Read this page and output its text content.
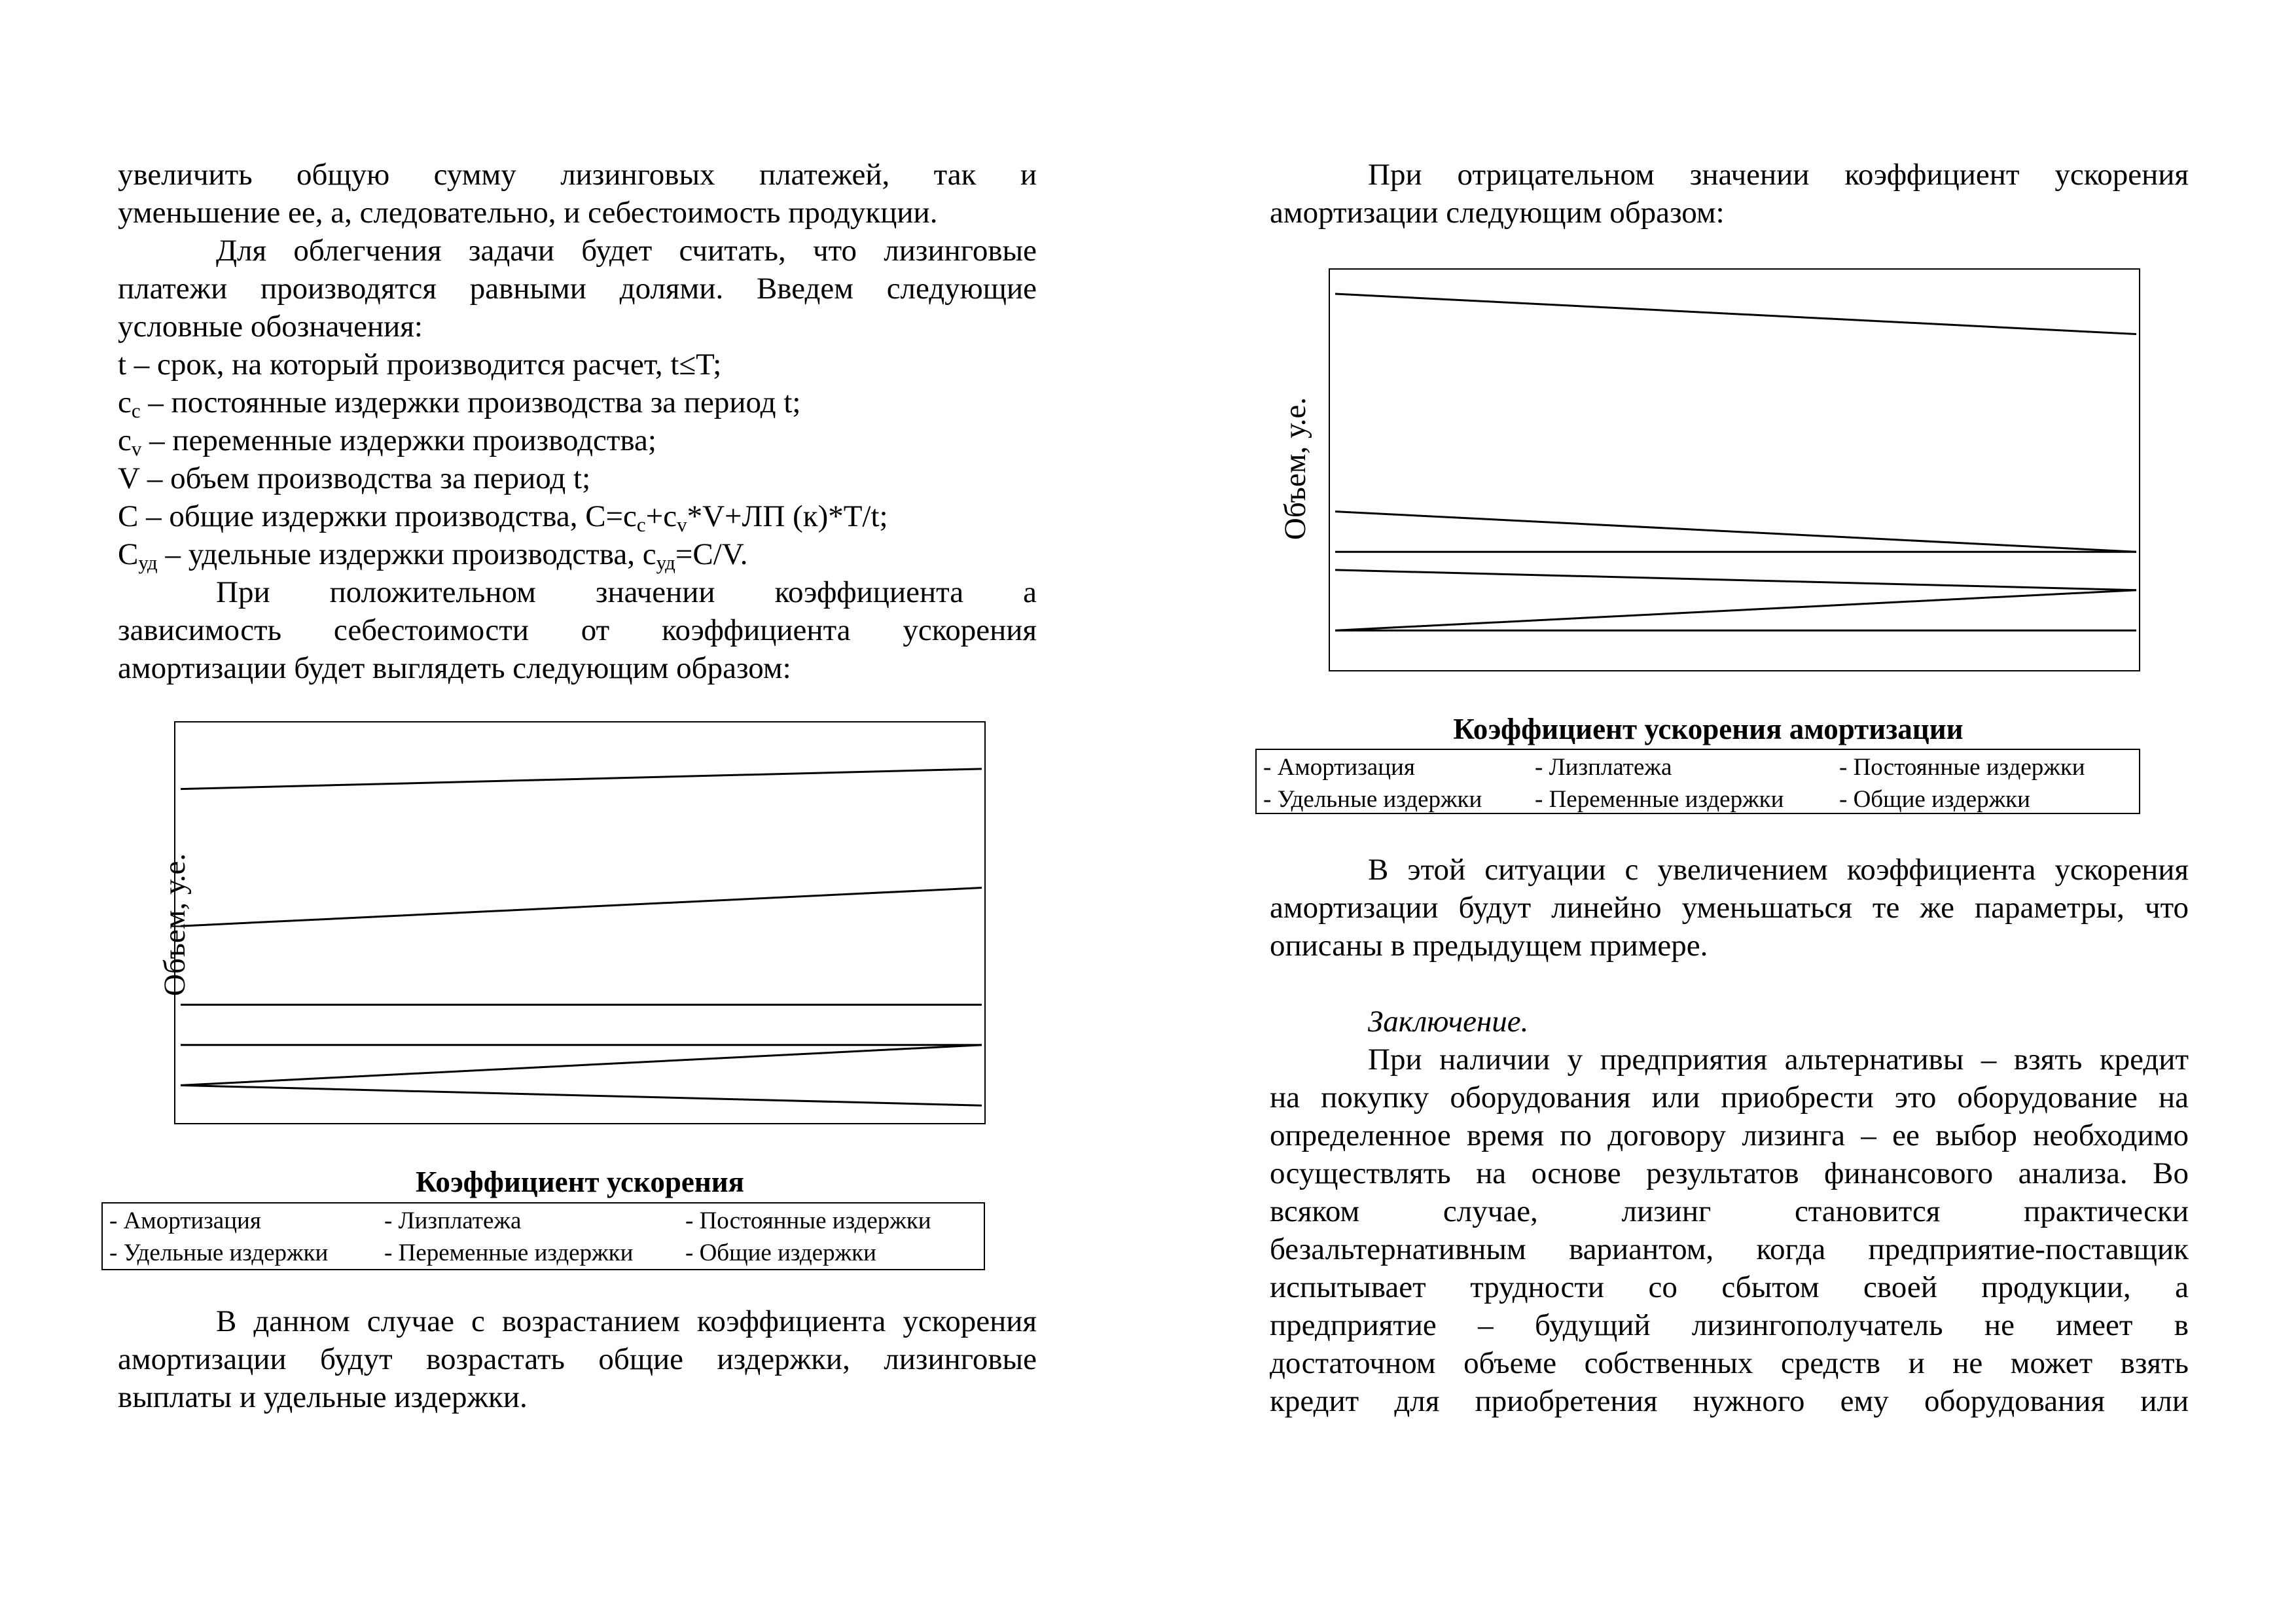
увеличить общую сумму лизинговых платежей, так и

уменьшение ее, а, следовательно, и себестоимость продукции.

Для облегчения задачи будет считать, что лизинговые

платежи производятся равными долями. Введем следующие

условные обозначения:

t – срок, на который производится расчет, t≤T;

$c_c$ – постоянные издержки производства за период t;

$c_v$ – переменные издержки производства;

V – объем производства за период t;

C – общие издержки производства, $C=c_c+c_v*V+ЛП$ (к)*T/t;

$C_{уд}$ – удельные издержки производства, $c_{уд}=C/V$.

При положительном значении коэффициента а

зависимость себестоимости от коэффициента ускорения

амортизации будет выглядеть следующим образом:

Объем, у.е.
Коэффициент ускорения
- Амортизация	- Лизплатежа	- Постоянные издержки
- Удельные издержки - Переменные издержки - Общие издержки

В данном случае с возрастанием коэффициента ускорения

амортизации будут возрастать общие издержки, лизинговые

выплаты и удельные издержки.

При отрицательном значении коэффициент ускорения

амортизации следующим образом:

Объем, у.е.
Коэффициент ускорения амортизации
- Амортизация	- Лизплатежа	- Постоянные издержки
- Удельные издержки - Переменные издержки - Общие издержки

В этой ситуации с увеличением коэффициента ускорения

амортизации будут линейно уменьшаться те же параметры, что

описаны в предыдущем примере.

Заключение.

При наличии у предприятия альтернативы – взять кредит

на покупку оборудования или приобрести это оборудование на

определенное время по договору лизинга – ее выбор необходимо

осуществлять на основе результатов финансового анализа. Во

всяком случае, лизинг становится практически

безальтернативным вариантом, когда предприятие-поставщик

испытывает трудности со сбытом своей продукции, а

предприятие – будущий лизингополучатель не имеет в

достаточном объеме собственных средств и не может взять

кредит для приобретения нужного ему оборудования или
